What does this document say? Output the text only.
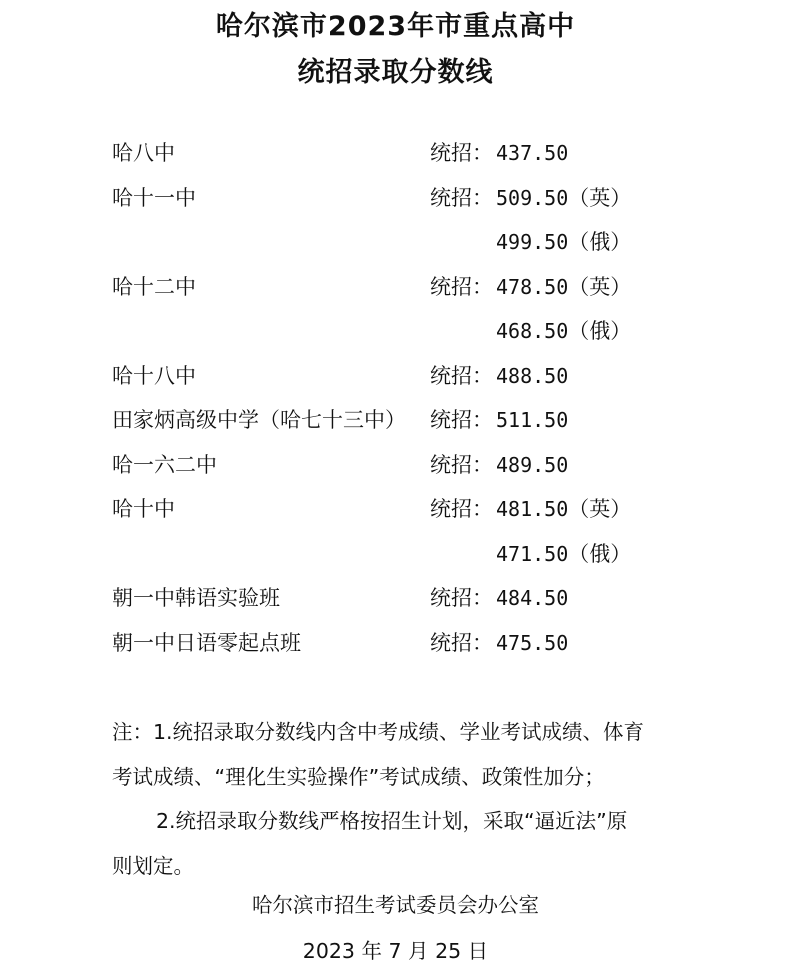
哈尔滨市2023年市重点高中
统招录取分数线
哈八中	统招： 437.50
哈十一中	统招： 509.50（英）
499.50（俄）
哈十二中	统招： 478.50（英）
468.50（俄）
哈十八中	统招： 488.50
田家炳高级中学（哈七十三中） 统招： 511.50
哈一六二中	统招： 489.50
哈十中	统招： 481.50（英）
471.50（俄）
朝一中韩语实验班	统招： 484.50
朝一中日语零起点班	统招： 475.50

注：1.统招录取分数线内含中考成绩、学业考试成绩、体育

考试成绩、“理化生实验操作”考试成绩、政策性加分；

2.统招录取分数线严格按招生计划，采取“逼近法”原

则划定。

哈尔滨市招生考试委员会办公室
2023 年 7 月 25 日
